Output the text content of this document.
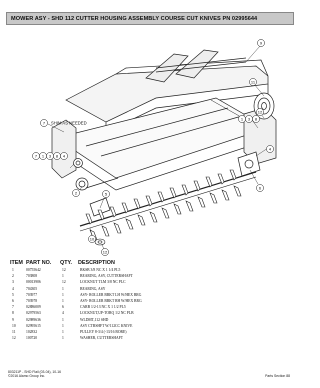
MOWER ASY - SHD 112 CUTTER HOUSING ASSEMBLY COURSE CUT KNIVES PN 02995644
9
11
12
1 3 8
4
6
7 1 3 8 4
2	5
10
12
7 SHIM AS NEEDED
ITEM PART NO.	QTY.	DESCRIPTION
1	00755642	12	BKSB 3/8 NC X 1 1/4 PL5
2	703808	1	BEARING, ASY, CUTTERSHAFT
3	00013906	12	LOCKNUT TLM 3/8 NC PLC
4	704305	1	BEARING, ASY
5	703977	1	ASY- ROLLER BRKT LH W/HEX BRG
6	703978	1	ASY- ROLLER BRKT RH W/HEX BRG
7	02886009	6	CARB 1/2-13 NC X 1 1/2 PL5
8	02979563	4	LOCKNUT,UP-TORQ 1/2 NC PLB
9	02989636	1	WLDMT,112 SHD
10	02995615	1	ASY CTRSHFT W/112CC KNIVE
11	102832	1	PULLEY 8-3/4 (-13/16 BORE)
12	100720	1	WASHER, CUTTERSHAFT
803211P - SHD Flail (03-04), 10-16
©2016 Alamo Group Inc.	Parts Section 88
